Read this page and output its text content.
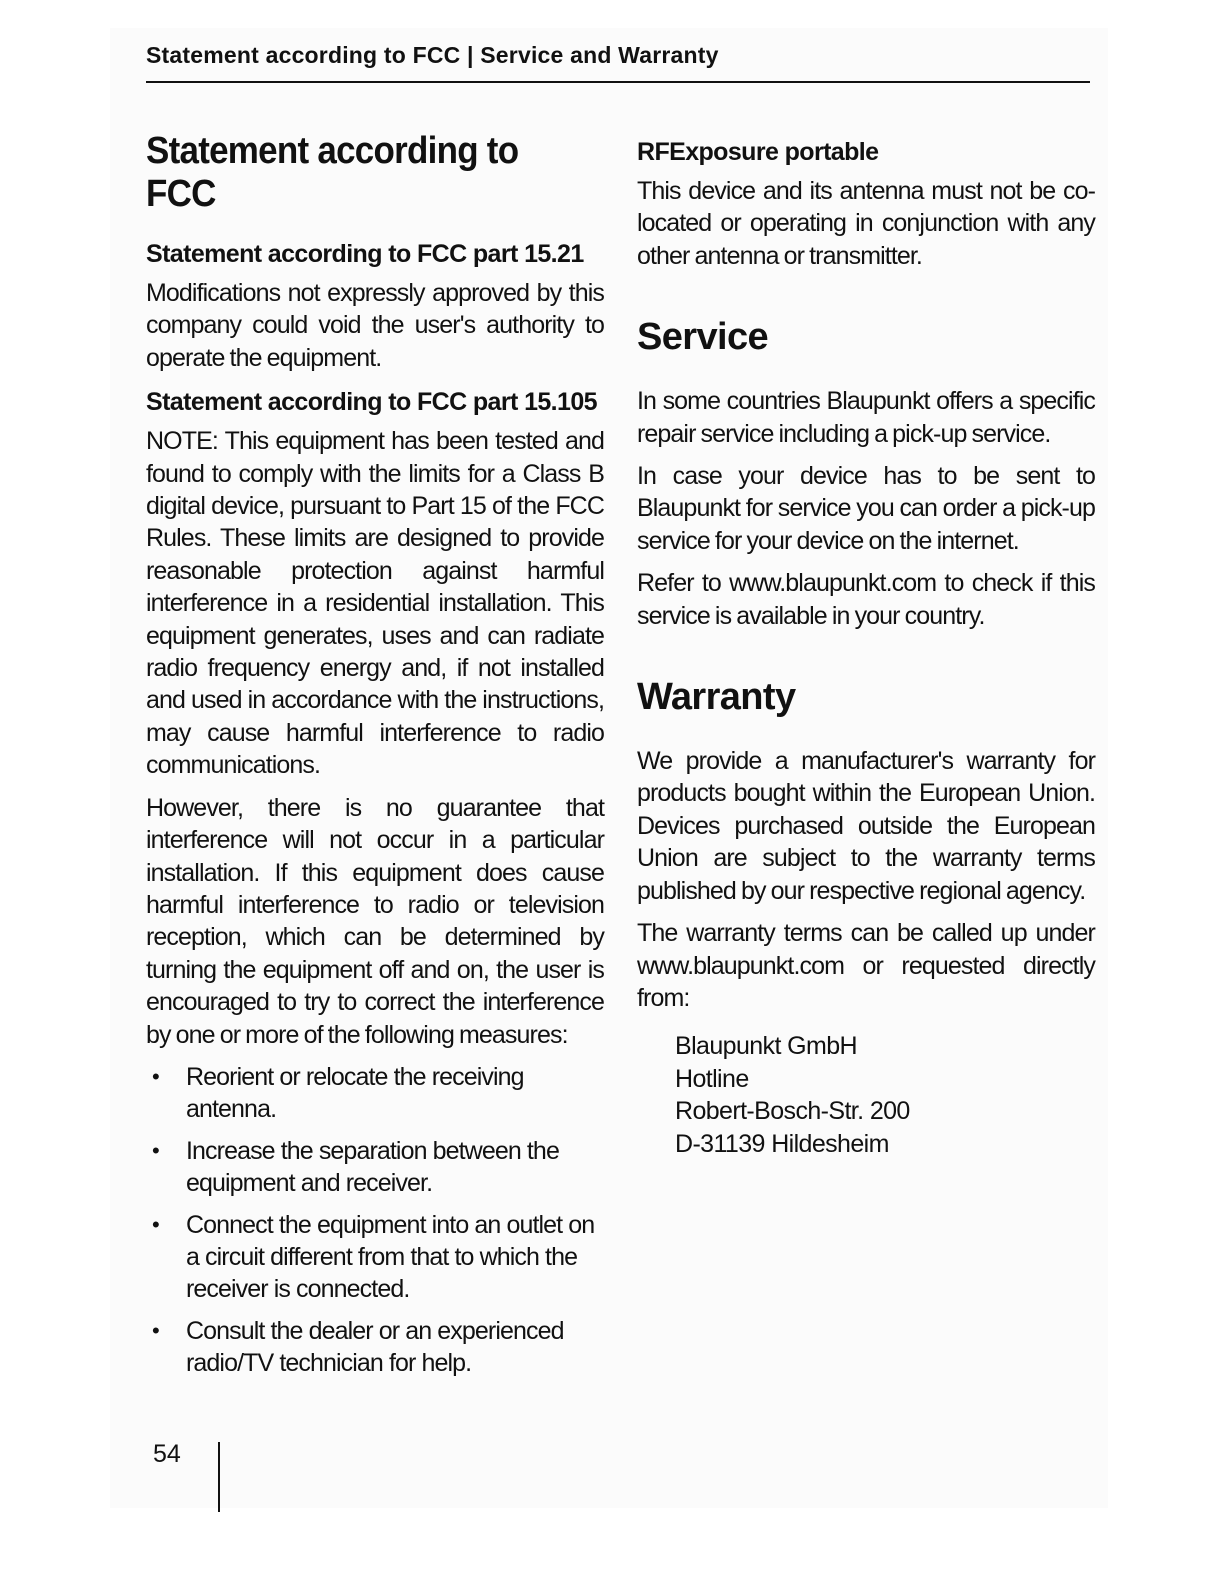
Statement according to FCC | Service and Warranty
Statement according to FCC
Statement according to FCC part 15.21

Modifications not expressly approved by this company could void the user's authority to operate the equipment.

Statement according to FCC part 15.105

NOTE: This equipment has been tested and found to comply with the limits for a Class B digital device, pursuant to Part 15 of the FCC Rules. These limits are designed to provide reasonable protection against harmful interference in a residential installation. This equipment generates, uses and can radiate radio frequency energy and, if not installed and used in accordance with the instructions, may cause harmful interference to radio communications.

However, there is no guarantee that interference will not occur in a particular installation. If this equipment does cause harmful interference to radio or television reception, which can be determined by turning the equipment off and on, the user is encouraged to try to correct the interference by one or more of the following measures:

• Reorient or relocate the receiving antenna.
• Increase the separation between the equipment and receiver.
• Connect the equipment into an outlet on a circuit different from that to which the receiver is connected.
• Consult the dealer or an experienced radio/TV technician for help.
RFExposure portable

This device and its antenna must not be co-located or operating in conjunction with any other antenna or transmitter.

Service

In some countries Blaupunkt offers a specific repair service including a pick-up service.

In case your device has to be sent to Blaupunkt for service you can order a pick-up service for your device on the internet.

Refer to www.blaupunkt.com to check if this service is available in your country.

Warranty

We provide a manufacturer's warranty for products bought within the European Union. Devices purchased outside the European Union are subject to the warranty terms published by our respective regional agency.

The warranty terms can be called up under www.blaupunkt.com or requested directly from:

Blaupunkt GmbH
Hotline
Robert-Bosch-Str. 200
D-31139 Hildesheim
54
